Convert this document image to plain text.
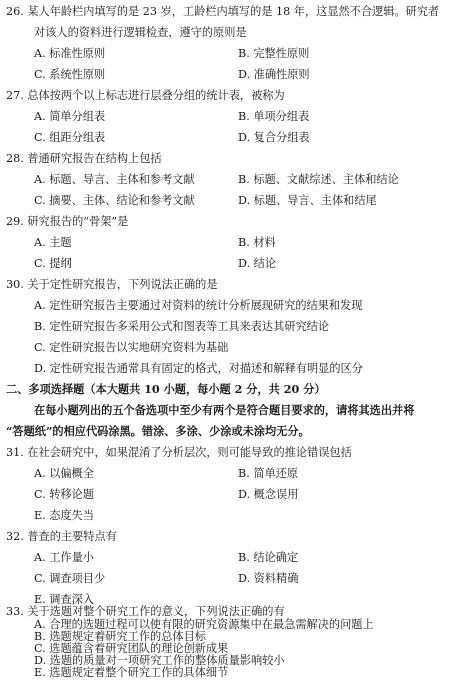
26. 某人年龄栏内填写的是 23 岁，工龄栏内填写的是 18 年，这显然不合逻辑。研究者
对该人的资料进行逻辑检查，遵守的原则是
A. 标准性原则	B. 完整性原则
C. 系统性原则	D. 准确性原则
27. 总体按两个以上标志进行层叠分组的统计表，被称为
A. 简单分组表	B. 单项分组表
C. 组距分组表	D. 复合分组表
28. 普通研究报告在结构上包括
A. 标题、导言、主体和参考文献	B. 标题、文献综述、主体和结论
C. 摘要、主体、结论和参考文献	D. 标题、导言、主体和结尾
29. 研究报告的“骨架”是
A. 主题	B. 材料
C. 提纲	D. 结论
30. 关于定性研究报告，下列说法正确的是
A. 定性研究报告主要通过对资料的统计分析展现研究的结果和发现
B. 定性研究报告多采用公式和图表等工具来表达其研究结论
C. 定性研究报告以实地研究资料为基础
D. 定性研究报告通常具有固定的格式，对描述和解释有明显的区分
二、多项选择题（本大题共 10 小题，每小题 2 分，共 20 分）
在每小题列出的五个备选项中至少有两个是符合题目要求的，请将其选出并将
“答题纸”的相应代码涂黑。错涂、多涂、少涂或未涂均无分。
31. 在社会研究中，如果混淆了分析层次，则可能导致的推论错误包括
A. 以偏概全	B. 简单还原
C. 转移论题	D. 概念误用
E. 态度失当
32. 普查的主要特点有
A. 工作量小	B. 结论确定
C. 调查项目少	D. 资料精确
E. 调查深入
33. 关于选题对整个研究工作的意义，下列说法正确的有
A. 合理的选题过程可以使有限的研究资源集中在最急需解决的问题上
B. 选题规定着研究工作的总体目标
C. 选题蕴含着研究团队的理论创新成果
D. 选题的质量对一项研究工作的整体质量影响较小
E. 选题规定着整个研究工作的具体细节
